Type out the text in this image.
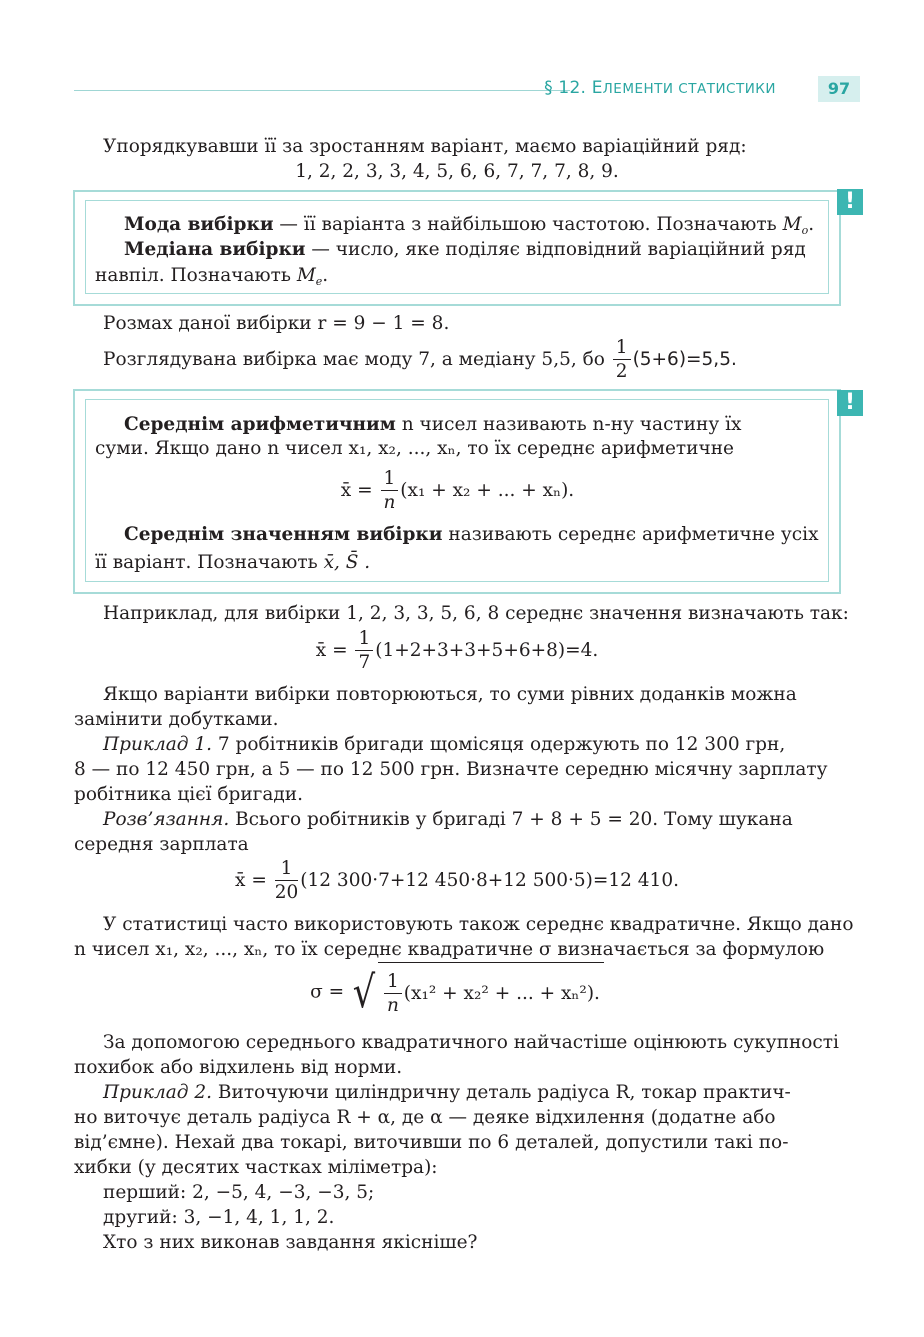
§ 12. ЕЛЕМЕНТИ СТАТИСТИКИ	97
Упорядкувавши її за зростанням варіант, маємо варіаційний ряд:
1, 2, 2, 3, 3, 4, 5, 6, 6, 7, 7, 7, 8, 9.
!
Мода вибірки — її варіанта з найбільшою частотою. Позначають $M_o$.
Медіана вибірки — число, яке поділяє відповідний варіаційний ряд
навпіл. Позначають $M_e$.
Розмах даної вибірки r = 9 − 1 = 8.
Розглядувана вибірка має моду 7, а медіану 5,5, бо $\frac{1}{2} (5+6)=5,5$.
!
Середнім арифметичним n чисел називають n-ну частину їх
суми. Якщо дано n чисел x₁, x₂, ..., xₙ, то їх середнє арифметичне
x̄ = $\frac{1}{n} (x_1 + x_2$ + ... + xₙ).
Середнім значенням вибірки називають середнє арифметичне усіх
її варіант. Позначають x̄, S̄ .
Наприклад, для вибірки 1, 2, 3, 3, 5, 6, 8 середнє значення визначають так:
x̄ = $\frac{1}{7} (1+2+3+3+5+6+8)=4$.
Якщо варіанти вибірки повторюються, то суми рівних доданків можна
замінити добутками.
Приклад 1. 7 робітників бригади щомісяця одержують по 12 300 грн,
8 — по 12 450 грн, а 5 — по 12 500 грн. Визначте середню місячну зарплату
робітника цієї бригади.
Розв’язання. Всього робітників у бригаді 7 + 8 + 5 = 20. Тому шукана
середня зарплата
x̄ = $\frac{1}{20} (12$ 300·7+12 450·8+12 500·5)=12 410.
У статистиці часто використовують також середнє квадратичне. Якщо дано
n чисел x₁, x₂, ..., xₙ, то їх середнє квадратичне σ визначається за формулою
σ = √ $\frac{1}{n} (x_1^2 + x_2^2$ + ... + xₙ²).
За допомогою середнього квадратичного найчастіше оцінюють сукупності
похибок або відхилень від норми.
Приклад 2. Виточуючи циліндричну деталь радіуса R, токар практич-
но виточує деталь радіуса R + α, де α — деяке відхилення (додатне або
від’ємне). Нехай два токарі, виточивши по 6 деталей, допустили такі по-
хибки (у десятих частках міліметра):
перший: 2, −5, 4, −3, −3, 5;
другий: 3, −1, 4, 1, 1, 2.
Хто з них виконав завдання якісніше?
